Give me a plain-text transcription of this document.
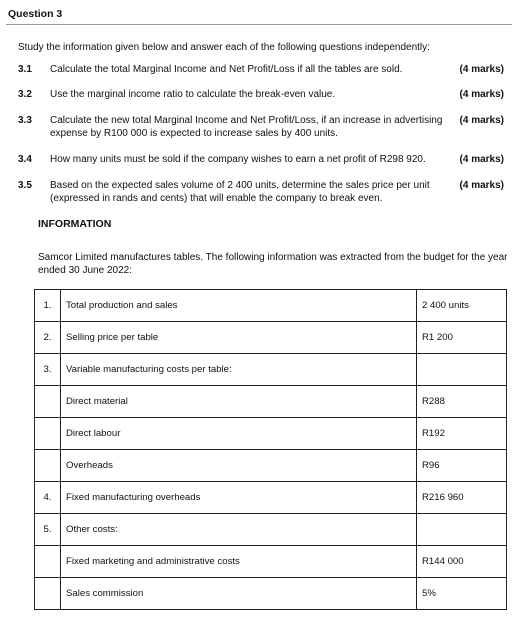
Question 3
Study the information given below and answer each of the following questions independently:
3.1 Calculate the total Marginal Income and Net Profit/Loss if all the tables are sold.	(4 marks)
3.2 Use the marginal income ratio to calculate the break-even value.	(4 marks)
3.3 Calculate the new total Marginal Income and Net Profit/Loss, if an increase in advertising expense by R100 000 is expected to increase sales by 400 units.
(4 marks)
3.4 How many units must be sold if the company wishes to earn a net profit of R298 920.	(4 marks)
3.5 Based on the expected sales volume of 2 400 units, determine the sales price per unit (expressed in rands and cents) that will enable the company to break even.
(4 marks)
INFORMATION
Samcor Limited manufactures tables. The following information was extracted from the budget for the year ended 30 June 2022:
1.	Total production and sales	2 400 units
2.	Selling price per table	R1 200
3.	Variable manufacturing costs per table:	
	Direct material	R288
	Direct labour	R192
	Overheads	R96
4.	Fixed manufacturing overheads	R216 960
5.	Other costs:	
	Fixed marketing and administrative costs	R144 000
	Sales commission	5%
